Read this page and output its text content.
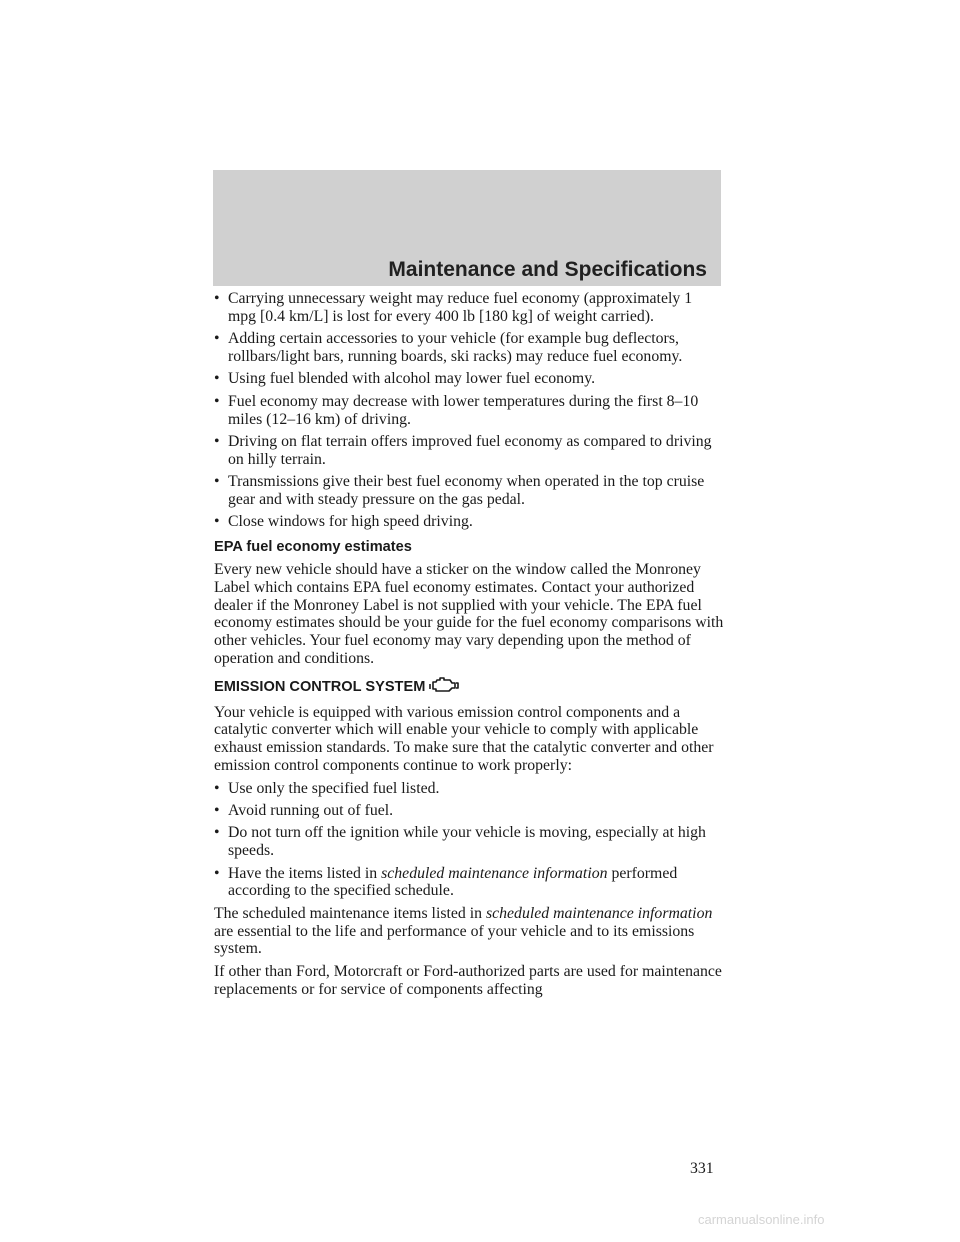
Maintenance and Specifications
• Carrying unnecessary weight may reduce fuel economy (approximately 1 mpg [0.4 km/L] is lost for every 400 lb [180 kg] of weight carried).
• Adding certain accessories to your vehicle (for example bug deflectors, rollbars/light bars, running boards, ski racks) may reduce fuel economy.
• Using fuel blended with alcohol may lower fuel economy.
• Fuel economy may decrease with lower temperatures during the first 8–10 miles (12–16 km) of driving.
• Driving on flat terrain offers improved fuel economy as compared to driving on hilly terrain.
• Transmissions give their best fuel economy when operated in the top cruise gear and with steady pressure on the gas pedal.
• Close windows for high speed driving.
EPA fuel economy estimates
Every new vehicle should have a sticker on the window called the Monroney Label which contains EPA fuel economy estimates. Contact your authorized dealer if the Monroney Label is not supplied with your vehicle. The EPA fuel economy estimates should be your guide for the fuel economy comparisons with other vehicles. Your fuel economy may vary depending upon the method of operation and conditions.
EMISSION CONTROL SYSTEM
Your vehicle is equipped with various emission control components and a catalytic converter which will enable your vehicle to comply with applicable exhaust emission standards. To make sure that the catalytic converter and other emission control components continue to work properly:
• Use only the specified fuel listed.
• Avoid running out of fuel.
• Do not turn off the ignition while your vehicle is moving, especially at high speeds.
• Have the items listed in scheduled maintenance information performed according to the specified schedule.
The scheduled maintenance items listed in scheduled maintenance information are essential to the life and performance of your vehicle and to its emissions system.
If other than Ford, Motorcraft or Ford-authorized parts are used for maintenance replacements or for service of components affecting
331
carmanualsonline.info
